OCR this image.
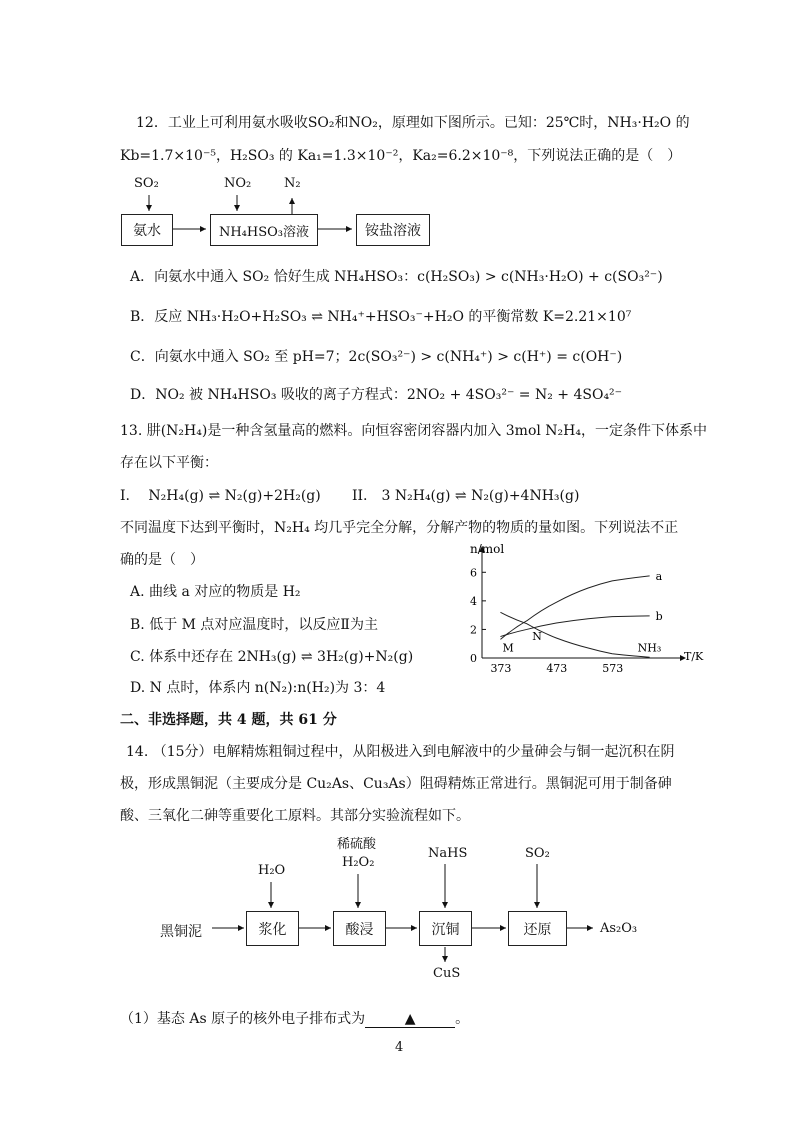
12．工业上可利用氨水吸收SO₂和NO₂，原理如下图所示。已知：25℃时，NH₃·H₂O 的
Kb=1.7×10⁻⁵，H₂SO₃ 的 Ka₁=1.3×10⁻²，Ka₂=6.2×10⁻⁸，下列说法正确的是（　）
SO₂	NO₂	N₂
氨水	NH₄HSO₃溶液	铵盐溶液
A．向氨水中通入 SO₂ 恰好生成 NH₄HSO₃：c(H₂SO₃) > c(NH₃·H₂O) + c(SO₃²⁻)
B．反应 NH₃·H₂O+H₂SO₃ ⇌ NH₄⁺+HSO₃⁻+H₂O 的平衡常数 K=2.21×10⁷
C．向氨水中通入 SO₂ 至 pH=7；2c(SO₃²⁻) > c(NH₄⁺) > c(H⁺) = c(OH⁻)
D．NO₂ 被 NH₄HSO₃ 吸收的离子方程式：2NO₂ + 4SO₃²⁻ = N₂ + 4SO₄²⁻
13. 肼(N₂H₄)是一种含氢量高的燃料。向恒容密闭容器内加入 3mol N₂H₄，一定条件下体系中
存在以下平衡：
I.　 N₂H₄(g) ⇌ N₂(g)+2H₂(g) II.　3 N₂H₄(g) ⇌ N₂(g)+4NH₃(g)
不同温度下达到平衡时，N₂H₄ 均几乎完全分解，分解产物的物质的量如图。下列说法不正
确的是（　）
A. 曲线 a 对应的物质是 H₂
B. 低于 M 点对应温度时，以反应Ⅱ为主
C. 体系中还存在 2NH₃(g) ⇌ 3H₂(g)+N₂(g)
D. N 点时，体系内 n(N₂):n(H₂)为 3：4
n/mol
T/K
0
2
4
6
373	473	573
a
b
NH₃
M
N
二、非选择题，共 4 题，共 61 分
14. （15分）电解精炼粗铜过程中，从阳极进入到电解液中的少量砷会与铜一起沉积在阴
极，形成黑铜泥（主要成分是 Cu₂As、Cu₃As）阻碍精炼正常进行。黑铜泥可用于制备砷
酸、三氧化二砷等重要化工原料。其部分实验流程如下。
黑铜泥
H₂O
稀硫酸
H₂O₂
NaHS	SO₂
浆化	酸浸	沉铜	还原	As₂O₃
CuS
（1）基态 As 原子的核外电子排布式为	▲	。
4
